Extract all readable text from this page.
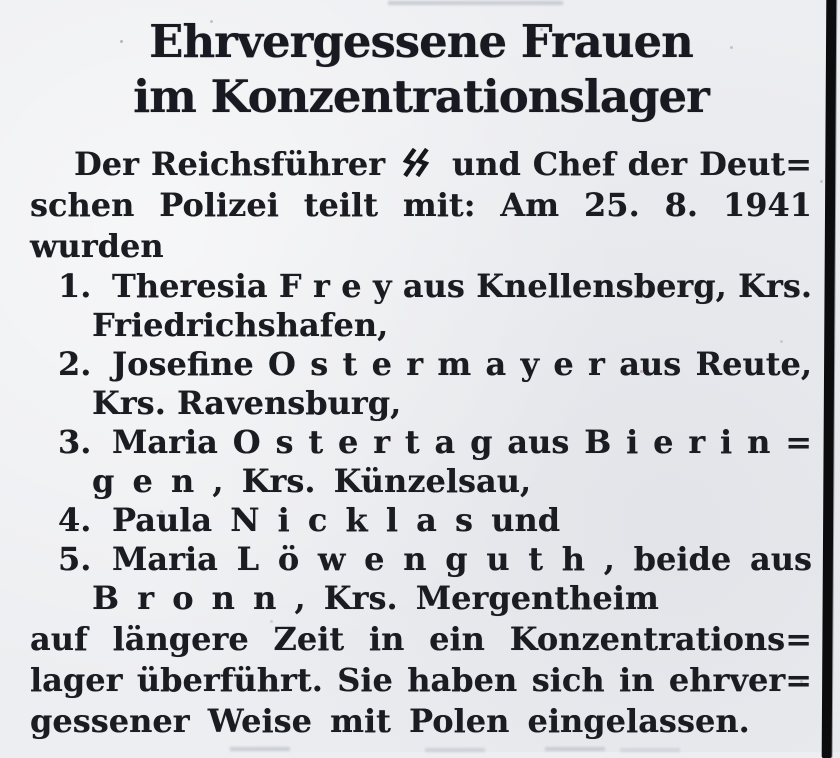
Ehrvergessene Frauen
im Konzentrationslager
Der Reichsführer und Chef der Deut=
schen Polizei teilt mit: Am 25. 8. 1941
wurden
1. Theresia F r e y aus Knellensberg, Krs.
Friedrichshafen,
2. Josefine O s t e r m a y e r aus Reute,
Krs. Ravensburg,
3. Maria O s t e r t a g aus B i e r i n =
g e n , Krs. Künzelsau,
4. Paula N i c k l a s und
5. Maria L ö w e n g u t h , beide aus
B r o n n , Krs. Mergentheim
auf längere Zeit in ein Konzentrations=
lager überführt. Sie haben sich in ehrver=
gessener Weise mit Polen eingelassen.
